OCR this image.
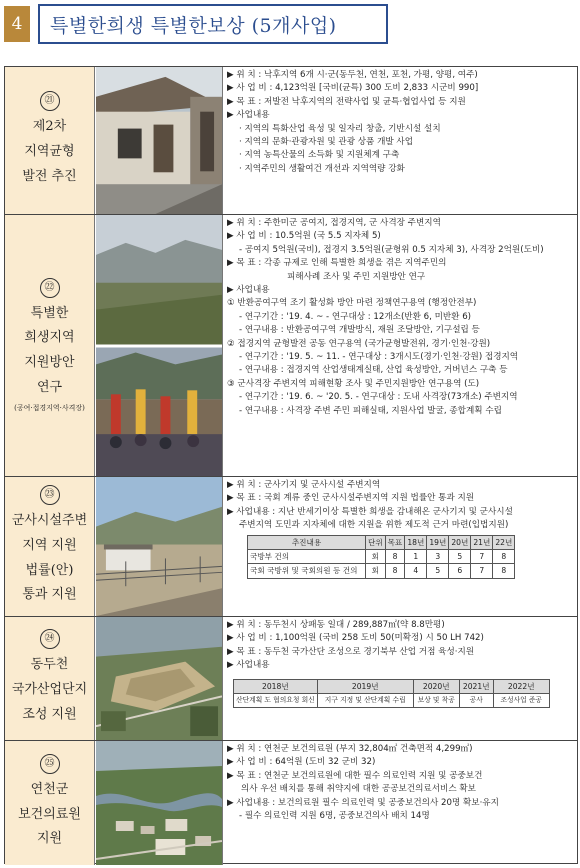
4	특별한희생 특별한보상 (5개사업)
㉑
제2차
지역균형
발전 추진
▶ 위 치 : 낙후지역 6개 시·군(동두천, 연천, 포천, 가평, 양평, 여주)
▶ 사 업 비 : 4,123억원 [국비(균특) 300 도비 2,833 시군비 990]
▶ 목 표 : 저발전 낙후지역의 전략사업 및 균특·협업사업 등 지원
▶ 사업내용
· 지역의 특화산업 육성 및 일자리 창출, 기반시설 설치
· 지역의 문화·관광자원 및 관광 상품 개발 사업
· 지역 농특산물의 소득화 및 지원체계 구축
· 지역주민의 생활여건 개선과 지역역량 강화
㉒
특별한
희생지역
지원방안
연구
(공여·접경지역·사격장)
▶ 위 치 : 주한미군 공여지, 접경지역, 군 사격장 주변지역
▶ 사 업 비 : 10.5억원 (국 5.5 지자체 5)
- 공여지 5억원(국비), 접경지 3.5억원(균형위 0.5 지자체 3), 사격장 2억원(도비)
▶ 목 표 : 각종 규제로 인해 특별한 희생을 겪은 지역주민의
피해사례 조사 및 주민 지원방안 연구
▶ 사업내용
① 반환공여구역 조기 활성화 방안 마련 정책연구용역 (행정안전부)
- 연구기간 : '19. 4. ~ - 연구대상 : 12개소(반환 6, 미반환 6)
- 연구내용 : 반환공여구역 개발방식, 재원 조달방안, 기구설립 등
② 접경지역 균형발전 공동 연구용역 (국가균형발전위, 경기·인천·강원)
- 연구기간 : '19. 5. ~ 11. - 연구대상 : 3개시도(경기·인천·강원) 접경지역
- 연구내용 : 접경지역 산업생태계실태, 산업 육성방안, 거버넌스 구축 등
③ 군사격장 주변지역 피해현황 조사 및 주민지원방안 연구용역 (도)
- 연구기간 : '19. 6. ~ '20. 5. - 연구대상 : 도내 사격장(73개소) 주변지역
- 연구내용 : 사격장 주변 주민 피해실태, 지원사업 발굴, 종합계획 수립
㉓
군사시설주변
지역 지원
법률(안)
통과 지원
▶ 위 치 : 군사기지 및 군사시설 주변지역
▶ 목 표 : 국회 계류 중인 군사시설주변지역 지원 법률안 통과 지원
▶ 사업내용 : 지난 반세기이상 특별한 희생을 감내해온 군사기지 및 군사시설
주변지역 도민과 지자체에 대한 지원을 위한 제도적 근거 마련(입법지원)
추진내용	단위	목표	18년	19년	20년	21년	22년
국방부 건의	회	8	1	3	5	7	8
국회 국방위 및 국회의원 등 건의	회	8	4	5	6	7	8
㉔
동두천
국가산업단지
조성 지원
▶ 위 치 : 동두천시 상패동 일대 / 289,887㎡(약 8.8만평)
▶ 사 업 비 : 1,100억원 (국비 258 도비 50(미확정) 시 50 LH 742)
▶ 목 표 : 동두천 국가산단 조성으로 경기북부 산업 거점 육성·지원
▶ 사업내용
2018년	2019년	2020년	2021년	2022년
산단계획 도 협의요청 회신	지구 지정 및 산단계획 수립	보상 및 착공	공사	조성사업 준공
㉕
연천군
보건의료원
지원
▶ 위 치 : 연천군 보건의료원 (부지 32,804㎡ 건축면적 4,299㎡)
▶ 사 업 비 : 64억원 (도비 32 군비 32)
▶ 목 표 : 연천군 보건의료원에 대한 필수 의료인력 지원 및 공중보건
의사 우선 배치를 통해 취약지에 대한 공공보건의료서비스 확보
▶ 사업내용 : 보건의료원 필수 의료인력 및 공중보건의사 20명 확보·유지
- 필수 의료인력 지원 6명, 공중보건의사 배치 14명
